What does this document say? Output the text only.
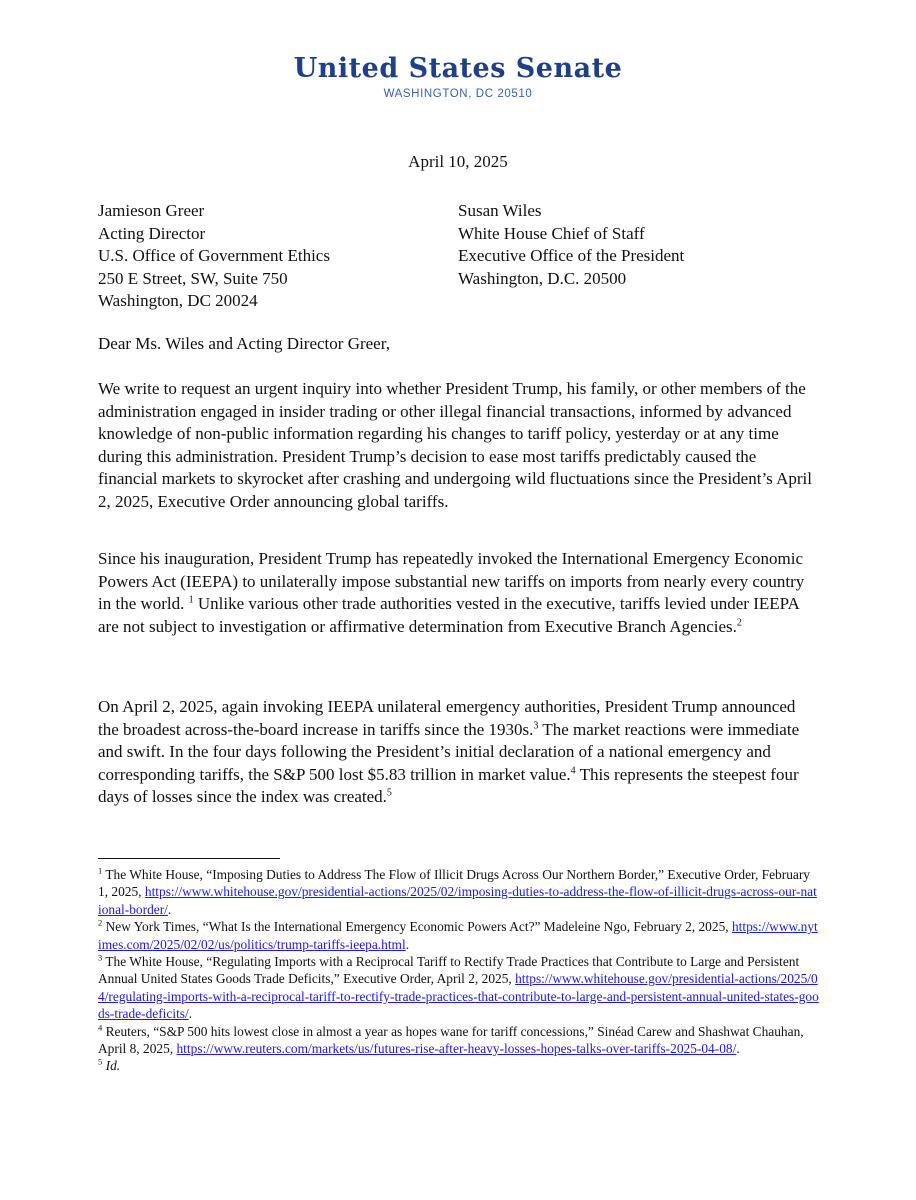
United States Senate
WASHINGTON, DC 20510
April 10, 2025
Jamieson Greer
Acting Director
U.S. Office of Government Ethics
250 E Street, SW, Suite 750
Washington, DC 20024
Susan Wiles
White House Chief of Staff
Executive Office of the President
Washington, D.C. 20500
Dear Ms. Wiles and Acting Director Greer,

We write to request an urgent inquiry into whether President Trump, his family, or other members of the administration engaged in insider trading or other illegal financial transactions, informed by advanced knowledge of non-public information regarding his changes to tariff policy, yesterday or at any time during this administration. President Trump’s decision to ease most tariffs predictably caused the financial markets to skyrocket after crashing and undergoing wild fluctuations since the President’s April 2, 2025, Executive Order announcing global tariffs.

Since his inauguration, President Trump has repeatedly invoked the International Emergency Economic Powers Act (IEEPA) to unilaterally impose substantial new tariffs on imports from nearly every country in the world. $^1$ Unlike various other trade authorities vested in the executive, tariffs levied under IEEPA are not subject to investigation or affirmative determination from Executive Branch Agencies.$^2$

On April 2, 2025, again invoking IEEPA unilateral emergency authorities, President Trump announced the broadest across-the-board increase in tariffs since the 1930s.$^3$ The market reactions were immediate and swift. In the four days following the President’s initial declaration of a national emergency and corresponding tariffs, the S&P 500 lost $5.83 trillion in market value.$^4$ This represents the steepest four days of losses since the index was created.$^5$

$^1$ The White House, “Imposing Duties to Address The Flow of Illicit Drugs Across Our Northern Border,” Executive Order, February 1, 2025, https://www.whitehouse.gov/presidential-actions/2025/02/imposing-duties-to-address-the-flow-of-illicit-drugs-across-our-national-border/.

$^2$ New York Times, “What Is the International Emergency Economic Powers Act?” Madeleine Ngo, February 2, 2025, https://www.nytimes.com/2025/02/02/us/politics/trump-tariffs-ieepa.html.

$^3$ The White House, “Regulating Imports with a Reciprocal Tariff to Rectify Trade Practices that Contribute to Large and Persistent Annual United States Goods Trade Deficits,” Executive Order, April 2, 2025, https://www.whitehouse.gov/presidential-actions/2025/04/regulating-imports-with-a-reciprocal-tariff-to-rectify-trade-practices-that-contribute-to-large-and-persistent-annual-united-states-goods-trade-deficits/.

$^4$ Reuters, “S&P 500 hits lowest close in almost a year as hopes wane for tariff concessions,” Sinéad Carew and Shashwat Chauhan, April 8, 2025, https://www.reuters.com/markets/us/futures-rise-after-heavy-losses-hopes-talks-over-tariffs-2025-04-08/.

$^5$ Id.
